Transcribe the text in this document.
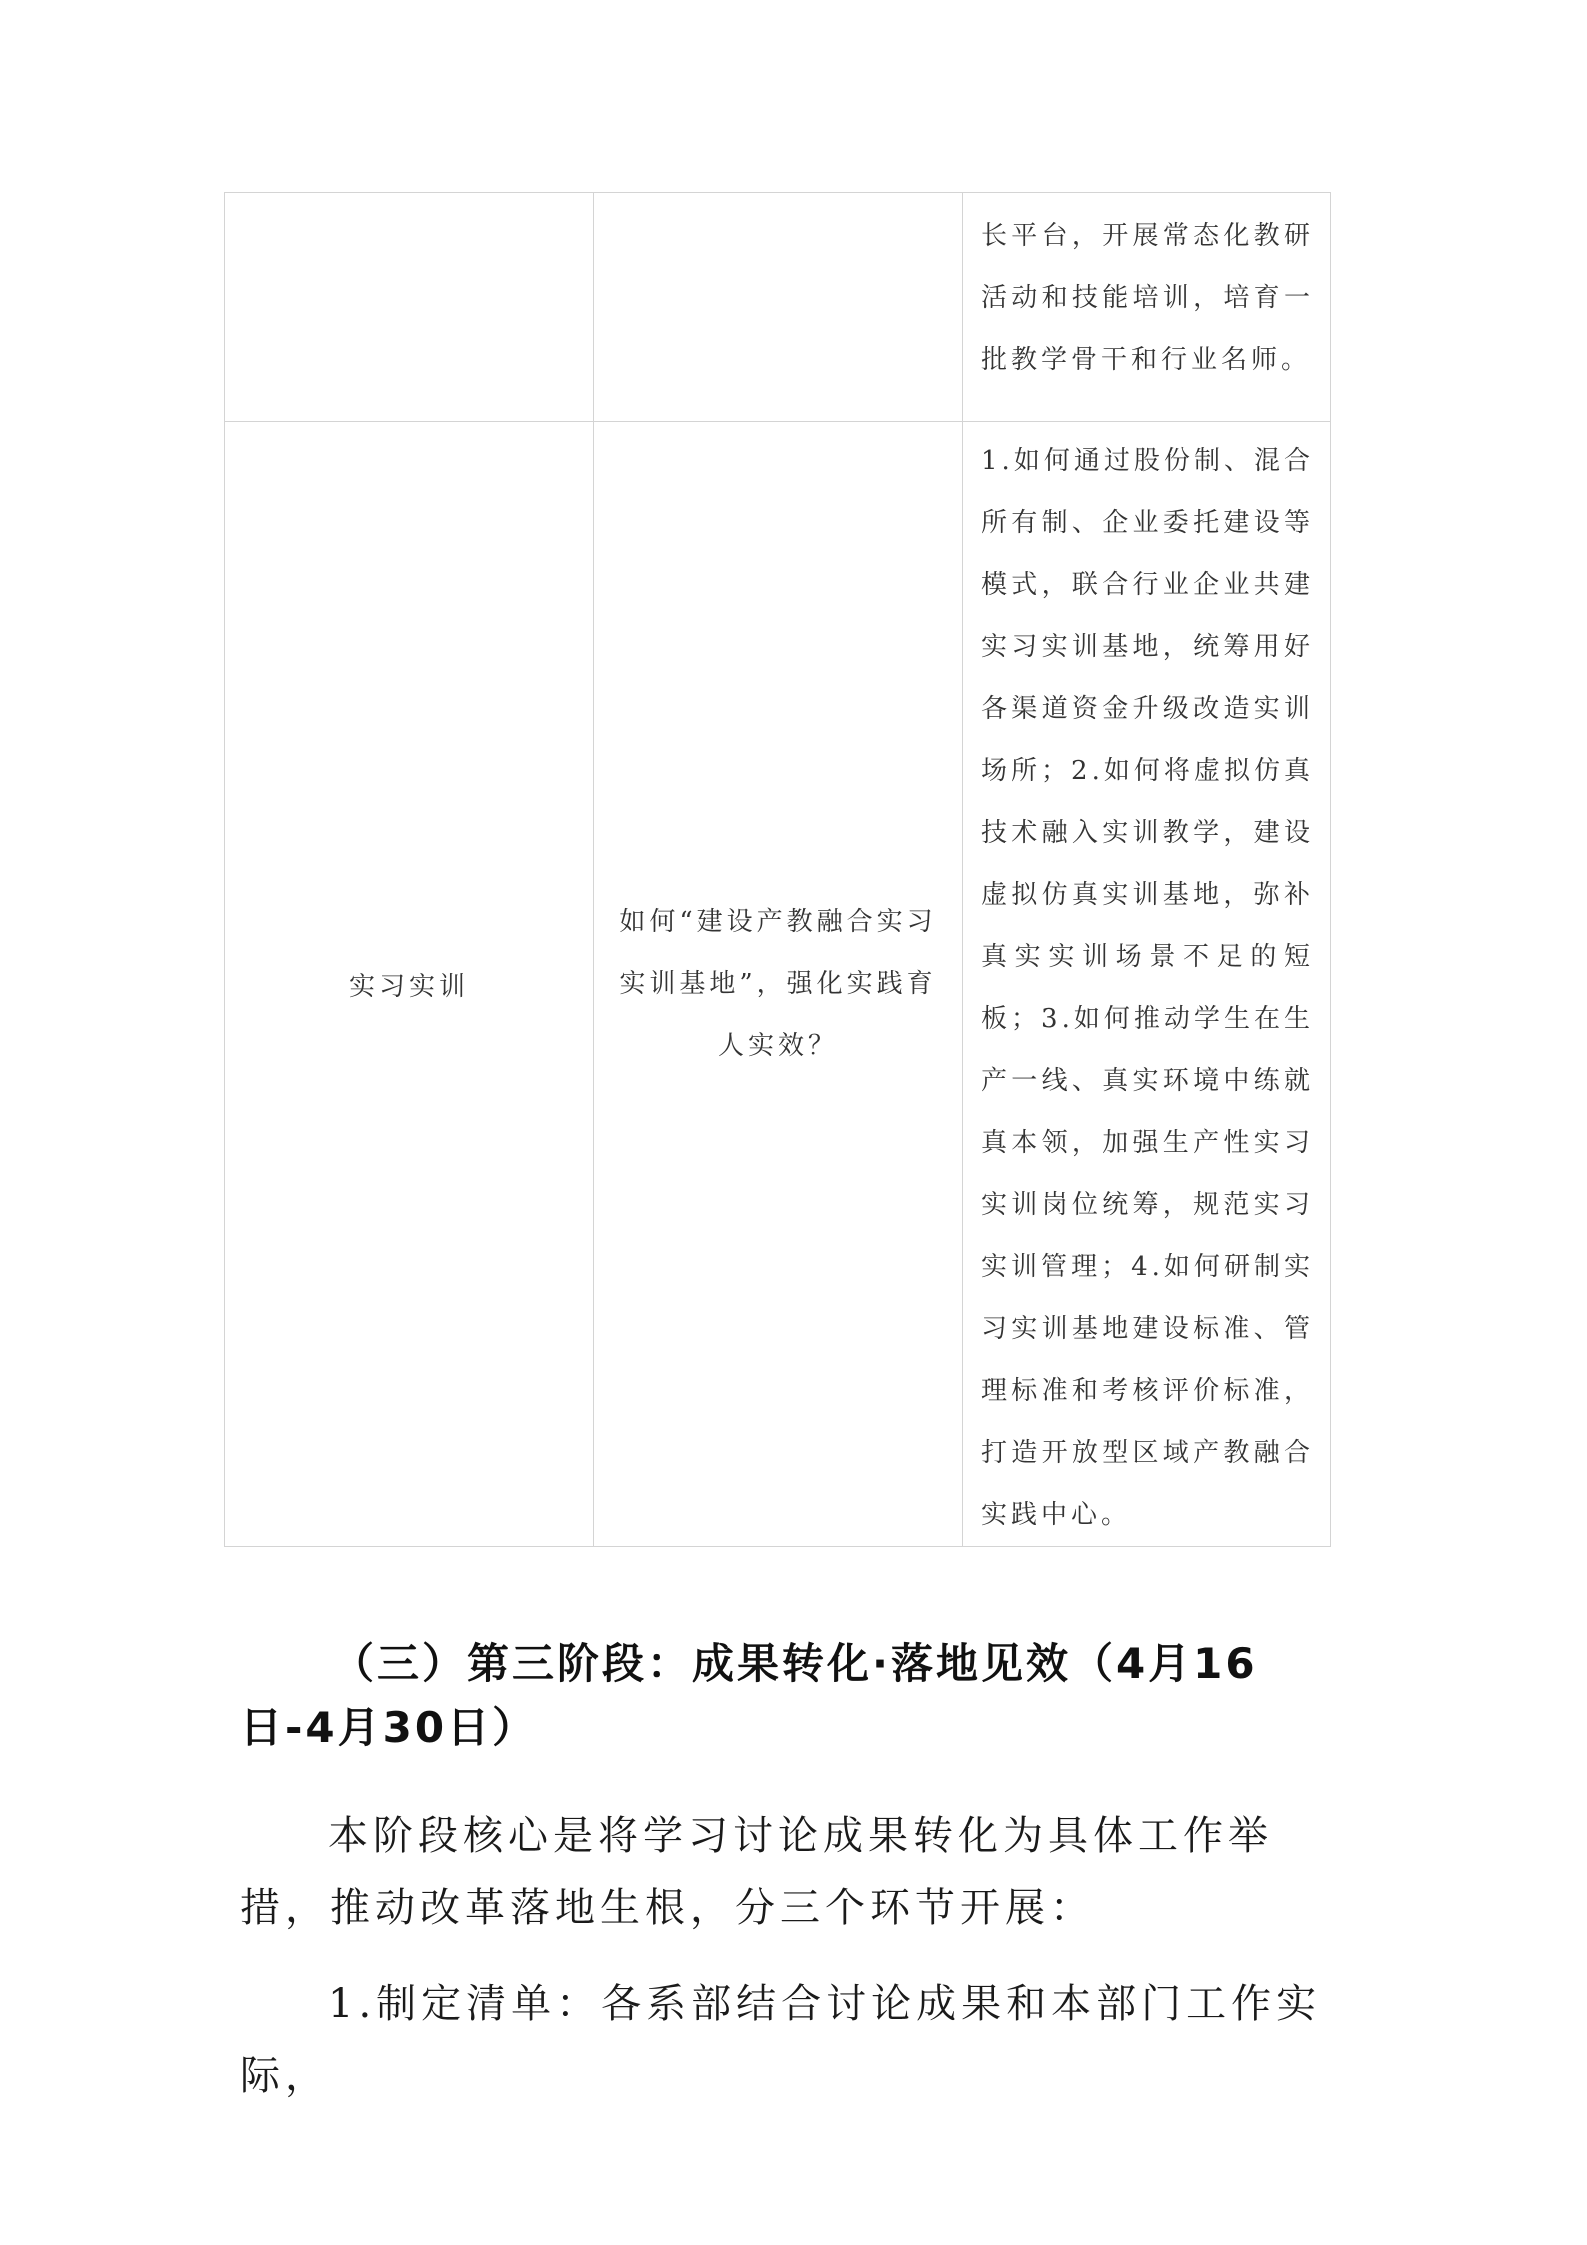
		长平台，开展常态化教研活动和技能培训，培育一批教学骨干和行业名师。
实习实训	如何“建设产教融合实习实训基地”，强化实践育人实效？	1.如何通过股份制、混合所有制、企业委托建设等模式，联合行业企业共建实习实训基地，统筹用好各渠道资金升级改造实训场所；2.如何将虚拟仿真技术融入实训教学，建设虚拟仿真实训基地，弥补真实实训场景不足的短板；3.如何推动学生在生产一线、真实环境中练就真本领，加强生产性实习实训岗位统筹，规范实习实训管理；4.如何研制实习实训基地建设标准、管理标准和考核评价标准，打造开放型区域产教融合实践中心。
（三）第三阶段：成果转化·落地见效（4月16日-4月30日）

本阶段核心是将学习讨论成果转化为具体工作举措，推动改革落地生根，分三个环节开展：

1.制定清单：各系部结合讨论成果和本部门工作实际，
